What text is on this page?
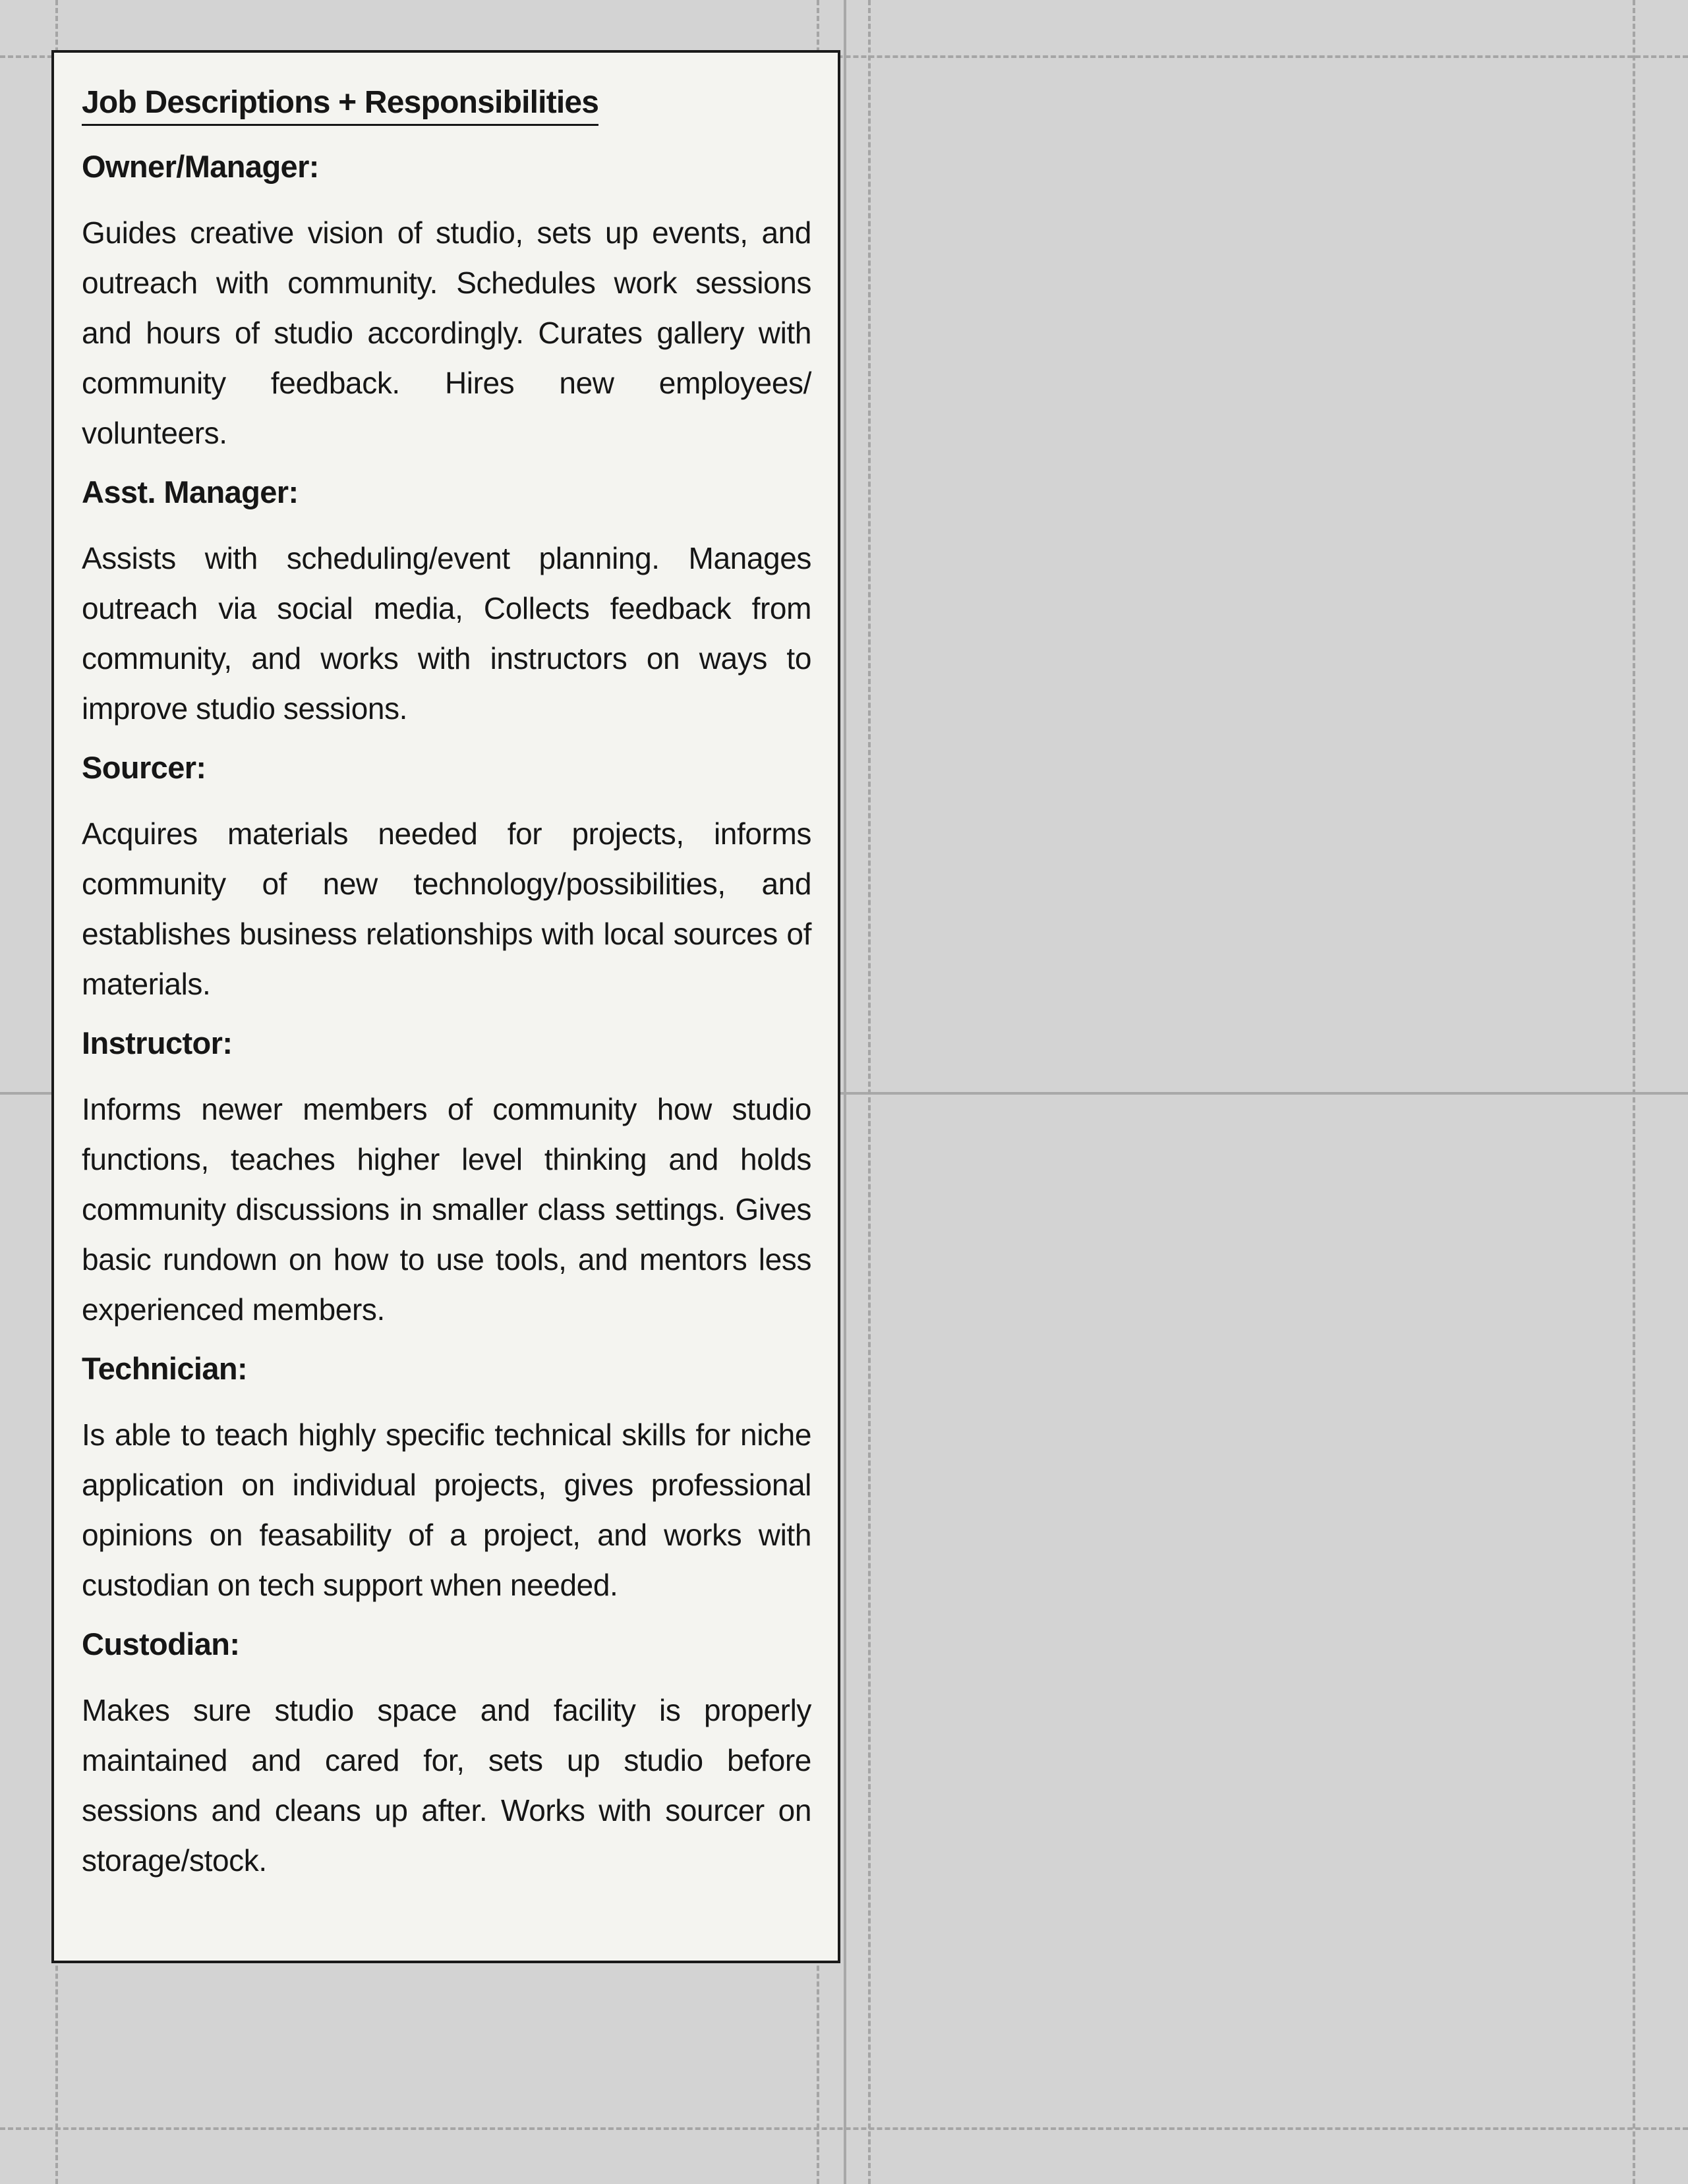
Job Descriptions + Responsibilities
Owner/Manager:
Guides creative vision of studio, sets up events, and outreach with community. Schedules work sessions and hours of studio accordingly. Curates gallery with community feedback. Hires new employees/ volunteers.
Asst. Manager:
Assists with scheduling/event planning. Manages outreach via social media, Collects feedback from community, and works with instructors on ways to improve studio sessions.
Sourcer:
Acquires materials needed for projects, informs community of new technology/possibilities, and establishes business relationships with local sources of materials.
Instructor:
Informs newer members of community how studio functions, teaches higher level thinking and holds community discussions in smaller class settings. Gives basic rundown on how to use tools, and mentors less experienced members.
Technician:
Is able to teach highly specific technical skills for niche application on individual projects, gives professional opinions on feasability of a project, and works with custodian on tech support when needed.
Custodian:
Makes sure studio space and facility is properly maintained and cared for, sets up studio before sessions and cleans up after. Works with sourcer on storage/stock.
